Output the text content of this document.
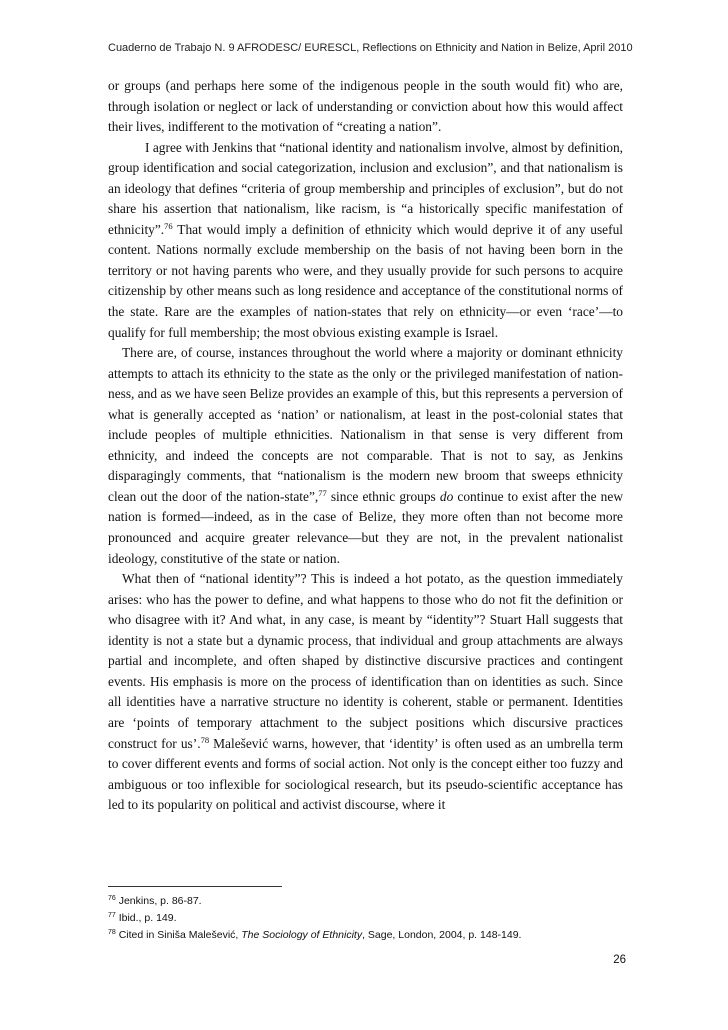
Cuaderno de Trabajo N. 9 AFRODESC/ EURESCL, Reflections on Ethnicity and Nation in Belize, April 2010

or groups (and perhaps here some of the indigenous people in the south would fit) who are, through isolation or neglect or lack of understanding or conviction about how this would affect their lives, indifferent to the motivation of “creating a nation”.

I agree with Jenkins that “national identity and nationalism involve, almost by definition, group identification and social categorization, inclusion and exclusion”, and that nationalism is an ideology that defines “criteria of group membership and principles of exclusion”, but do not share his assertion that nationalism, like racism, is “a historically specific manifestation of ethnicity”.$^{76}$ That would imply a definition of ethnicity which would deprive it of any useful content. Nations normally exclude membership on the basis of not having been born in the territory or not having parents who were, and they usually provide for such persons to acquire citizenship by other means such as long residence and acceptance of the constitutional norms of the state. Rare are the examples of nation-states that rely on ethnicity—or even ‘race’—to qualify for full membership; the most obvious existing example is Israel.

There are, of course, instances throughout the world where a majority or dominant ethnicity attempts to attach its ethnicity to the state as the only or the privileged manifestation of nation-ness, and as we have seen Belize provides an example of this, but this represents a perversion of what is generally accepted as ‘nation’ or nationalism, at least in the post-colonial states that include peoples of multiple ethnicities. Nationalism in that sense is very different from ethnicity, and indeed the concepts are not comparable. That is not to say, as Jenkins disparagingly comments, that “nationalism is the modern new broom that sweeps ethnicity clean out the door of the nation-state”,$^{77}$ since ethnic groups do continue to exist after the new nation is formed—indeed, as in the case of Belize, they more often than not become more pronounced and acquire greater relevance—but they are not, in the prevalent nationalist ideology, constitutive of the state or nation.

What then of “national identity”? This is indeed a hot potato, as the question immediately arises: who has the power to define, and what happens to those who do not fit the definition or who disagree with it? And what, in any case, is meant by “identity”? Stuart Hall suggests that identity is not a state but a dynamic process, that individual and group attachments are always partial and incomplete, and often shaped by distinctive discursive practices and contingent events. His emphasis is more on the process of identification than on identities as such. Since all identities have a narrative structure no identity is coherent, stable or permanent. Identities are ‘points of temporary attachment to the subject positions which discursive practices construct for us’.$^{78}$ Malešević warns, however, that ‘identity’ is often used as an umbrella term to cover different events and forms of social action. Not only is the concept either too fuzzy and ambiguous or too inflexible for sociological research, but its pseudo-scientific acceptance has led to its popularity on political and activist discourse, where it

$^{76}$ Jenkins, p. 86-87.
$^{77}$ Ibid., p. 149.
$^{78}$ Cited in Siniša Malešević, The Sociology of Ethnicity, Sage, London, 2004, p. 148-149.
26
